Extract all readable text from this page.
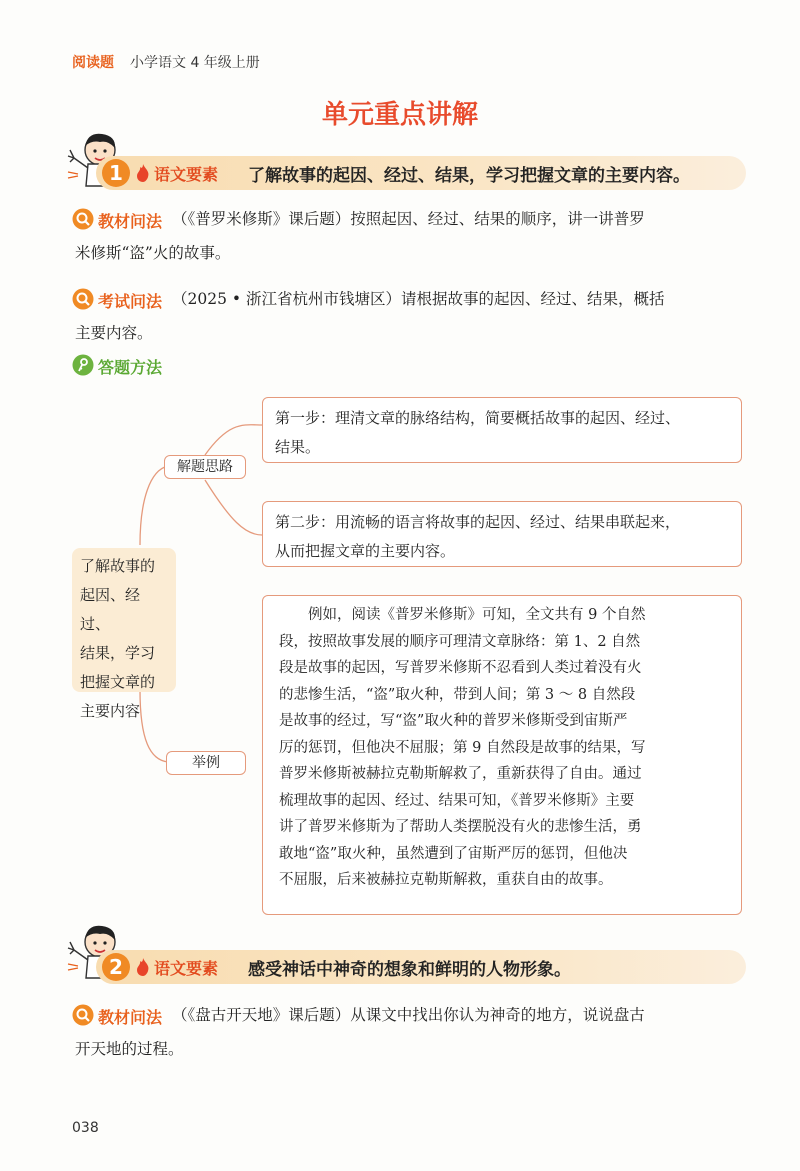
阅读题 小学语文 4 年级上册
单元重点讲解
1	语文要素 了解故事的起因、经过、结果，学习把握文章的主要内容。
教材问法 （《普罗米修斯》课后题）按照起因、经过、结果的顺序，讲一讲普罗
米修斯“盗”火的故事。
考试问法 （2025 • 浙江省杭州市钱塘区）请根据故事的起因、经过、结果，概括
主要内容。
答题方法
了解故事的
起因、经过、
结果，学习
把握文章的
主要内容
解题思路
举例
第一步：理清文章的脉络结构，简要概括故事的起因、经过、
结果。
第二步：用流畅的语言将故事的起因、经过、结果串联起来，
从而把握文章的主要内容。
　　例如，阅读《普罗米修斯》可知，全文共有 9 个自然
段，按照故事发展的顺序可理清文章脉络：第 1、2 自然
段是故事的起因，写普罗米修斯不忍看到人类过着没有火
的悲惨生活，“盗”取火种，带到人间；第 3 ～ 8 自然段
是故事的经过，写“盗”取火种的普罗米修斯受到宙斯严
厉的惩罚，但他决不屈服；第 9 自然段是故事的结果，写
普罗米修斯被赫拉克勒斯解救了，重新获得了自由。通过
梳理故事的起因、经过、结果可知，《普罗米修斯》主要
讲了普罗米修斯为了帮助人类摆脱没有火的悲惨生活，勇
敢地“盗”取火种，虽然遭到了宙斯严厉的惩罚，但他决
不屈服，后来被赫拉克勒斯解救，重获自由的故事。
2	语文要素 感受神话中神奇的想象和鲜明的人物形象。
教材问法 （《盘古开天地》课后题）从课文中找出你认为神奇的地方，说说盘古
开天地的过程。
038
